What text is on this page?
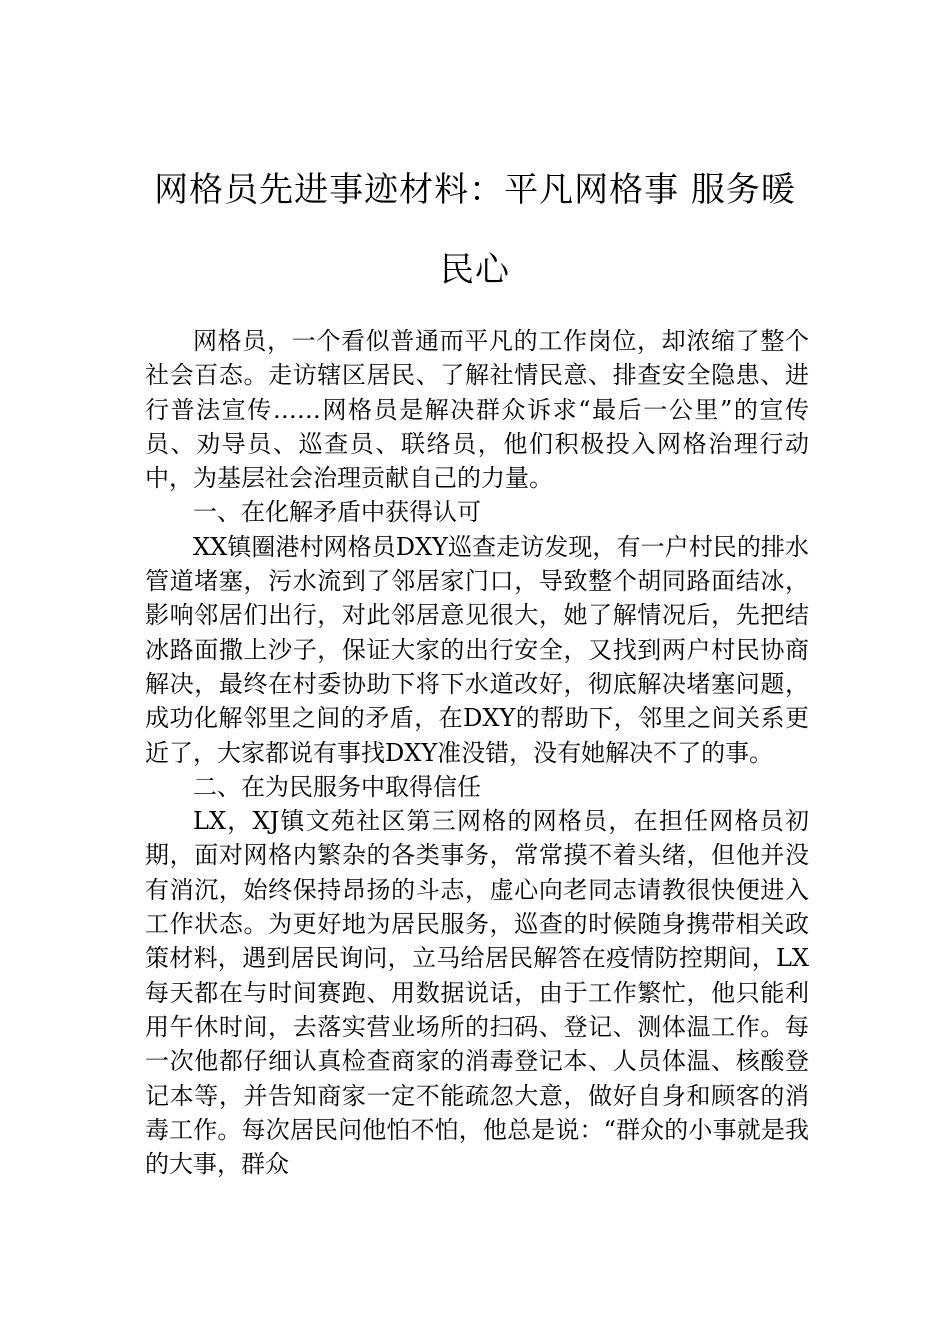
网格员先进事迹材料：平凡网格事 服务暖
民心

网格员，一个看似普通而平凡的工作岗位，却浓缩了整个社会百态。走访辖区居民、了解社情民意、排查安全隐患、进行普法宣传……网格员是解决群众诉求“最后一公里”的宣传员、劝导员、巡查员、联络员，他们积极投入网格治理行动中，为基层社会治理贡献自己的力量。

一、在化解矛盾中获得认可

XX镇圈港村网格员DXY巡查走访发现，有一户村民的排水管道堵塞，污水流到了邻居家门口，导致整个胡同路面结冰，影响邻居们出行，对此邻居意见很大，她了解情况后，先把结冰路面撒上沙子，保证大家的出行安全，又找到两户村民协商解决，最终在村委协助下将下水道改好，彻底解决堵塞问题，成功化解邻里之间的矛盾，在DXY的帮助下，邻里之间关系更近了，大家都说有事找DXY准没错，没有她解决不了的事。

二、在为民服务中取得信任

LX，XJ镇文苑社区第三网格的网格员，在担任网格员初期，面对网格内繁杂的各类事务，常常摸不着头绪，但他并没有消沉，始终保持昂扬的斗志，虚心向老同志请教很快便进入工作状态。为更好地为居民服务，巡查的时候随身携带相关政策材料，遇到居民询问，立马给居民解答在疫情防控期间，LX每天都在与时间赛跑、用数据说话，由于工作繁忙，他只能利用午休时间，去落实营业场所的扫码、登记、测体温工作。每一次他都仔细认真检查商家的消毒登记本、人员体温、核酸登记本等，并告知商家一定不能疏忽大意，做好自身和顾客的消毒工作。每次居民问他怕不怕，他总是说：“群众的小事就是我的大事，群众
